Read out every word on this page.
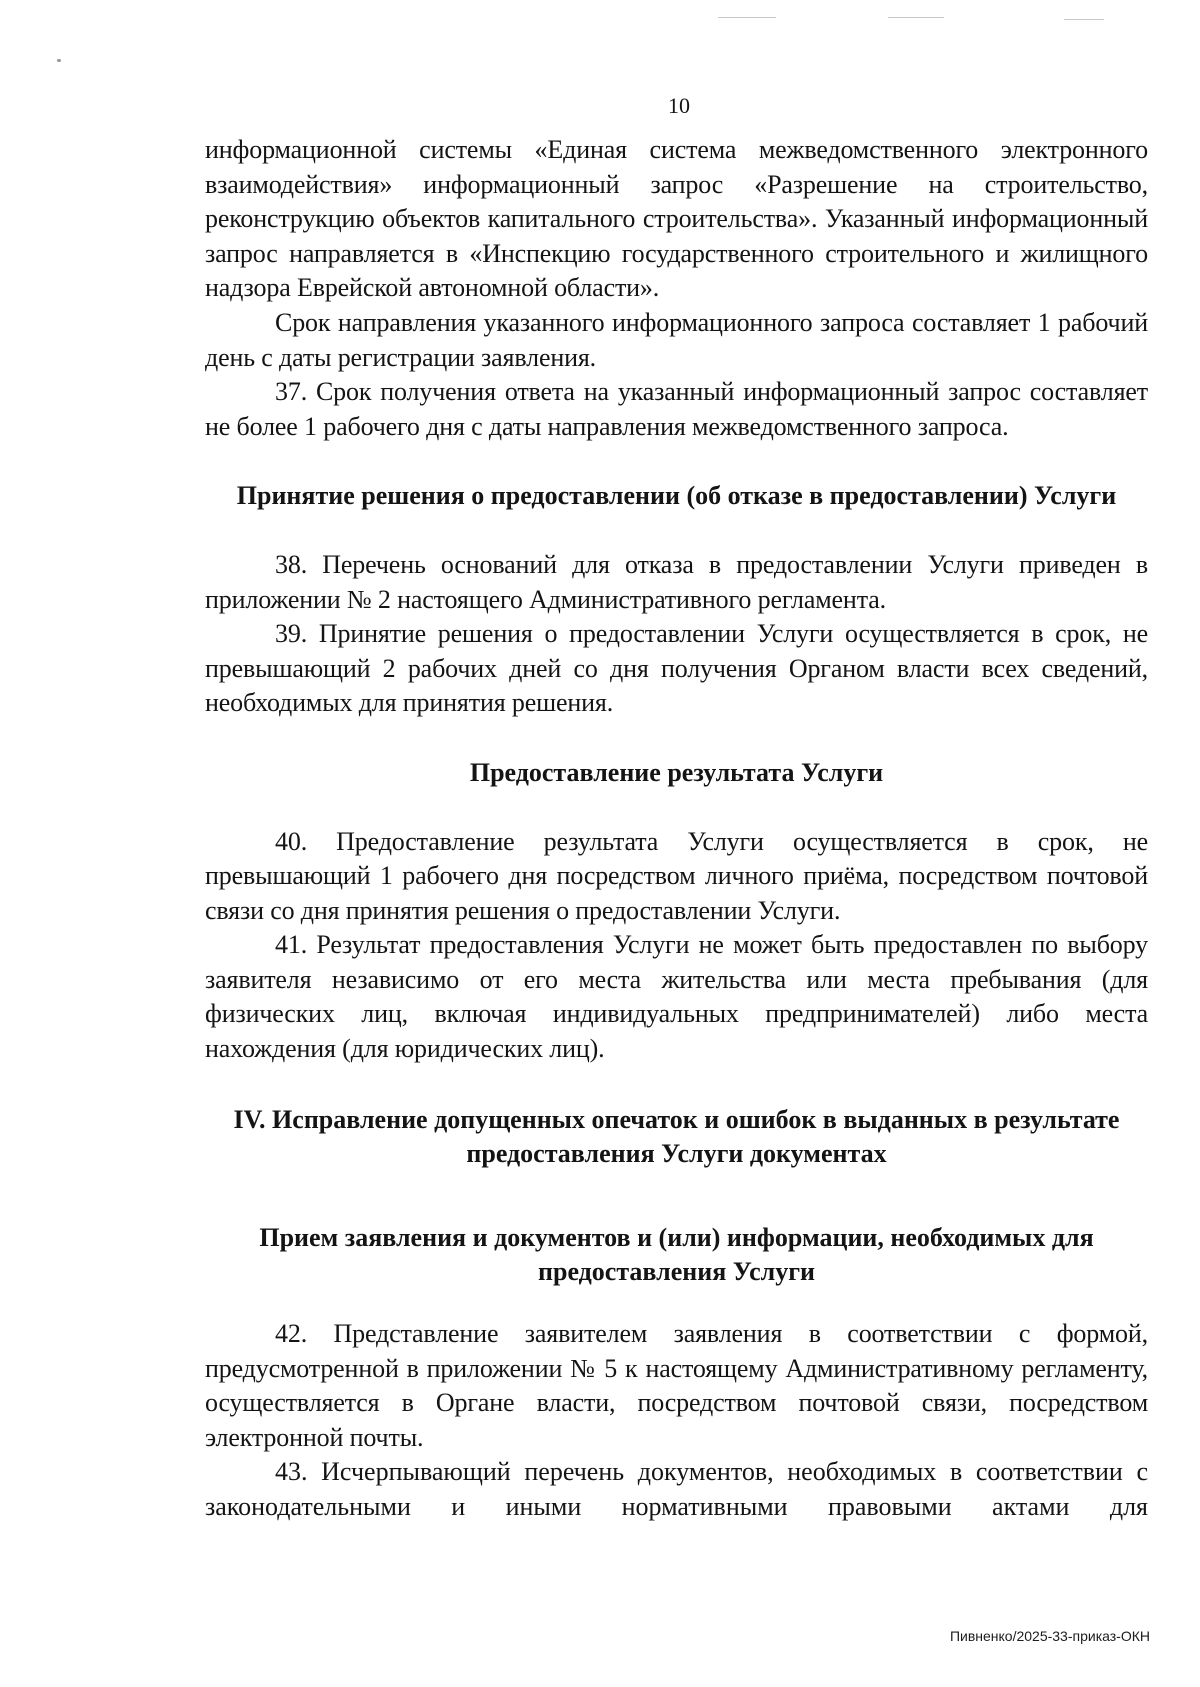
10

информационной системы «Единая система межведомственного электронного взаимодействия» информационный запрос «Разрешение на строительство, реконструкцию объектов капитального строительства». Указанный информационный запрос направляется в «Инспекцию государственного строительного и жилищного надзора Еврейской автономной области».

Срок направления указанного информационного запроса составляет 1 рабочий день с даты регистрации заявления.

37. Срок получения ответа на указанный информационный запрос составляет не более 1 рабочего дня с даты направления межведомственного запроса.

Принятие решения о предоставлении (об отказе в предоставлении) Услуги

38. Перечень оснований для отказа в предоставлении Услуги приведен в приложении № 2 настоящего Административного регламента.

39. Принятие решения о предоставлении Услуги осуществляется в срок, не превышающий 2 рабочих дней со дня получения Органом власти всех сведений, необходимых для принятия решения.

Предоставление результата Услуги

40. Предоставление результата Услуги осуществляется в срок, не превышающий 1 рабочего дня посредством личного приёма, посредством почтовой связи со дня принятия решения о предоставлении Услуги.

41. Результат предоставления Услуги не может быть предоставлен по выбору заявителя независимо от его места жительства или места пребывания (для физических лиц, включая индивидуальных предпринимателей) либо места нахождения (для юридических лиц).

IV. Исправление допущенных опечаток и ошибок в выданных в результате предоставления Услуги документах
Прием заявления и документов и (или) информации, необходимых для предоставления Услуги

42. Представление заявителем заявления в соответствии с формой, предусмотренной в приложении № 5 к настоящему Административному регламенту, осуществляется в Органе власти, посредством почтовой связи, посредством электронной почты.

43. Исчерпывающий перечень документов, необходимых в соответствии с законодательными и иными нормативными правовыми актами для

Пивненко/2025-33-приказ-ОКН
